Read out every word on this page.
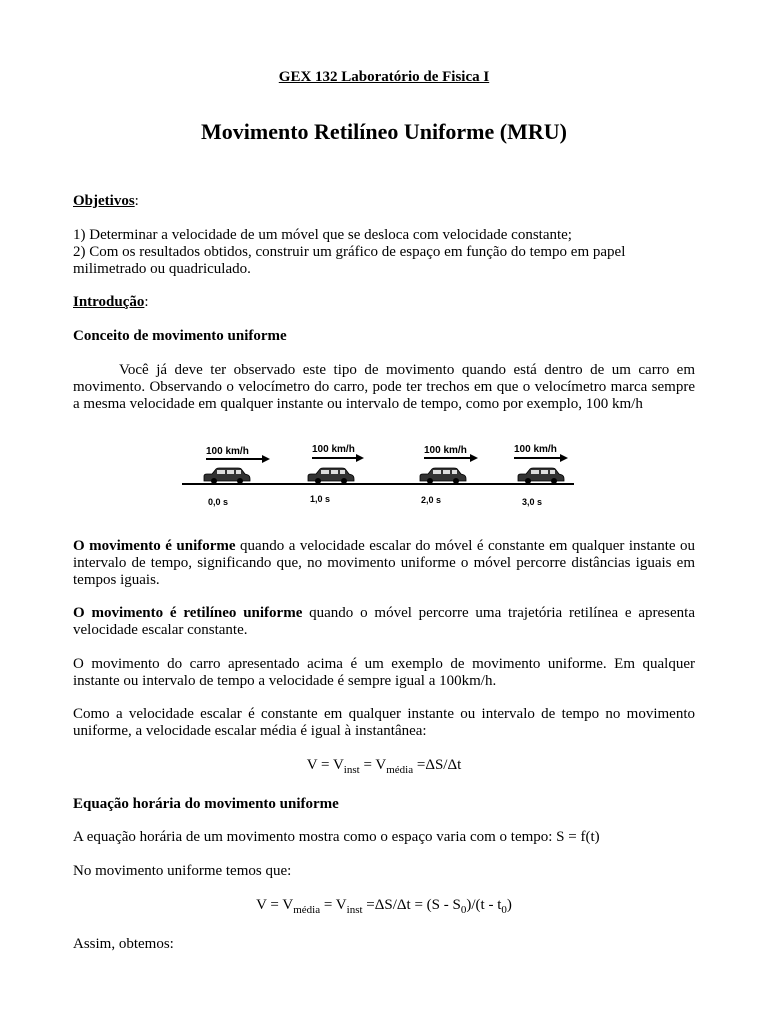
GEX 132 Laboratório de Fisica I
Movimento Retilíneo Uniforme (MRU)
Objetivos:
1) Determinar a velocidade de um móvel que se desloca com velocidade constante;
2) Com os resultados obtidos, construir um gráfico de espaço em função do tempo em papel milimetrado ou quadriculado.
Introdução:
Conceito de movimento uniforme
Você já deve ter observado este tipo de movimento quando está dentro de um carro em movimento. Observando o velocímetro do carro, pode ter trechos em que o velocímetro marca sempre a mesma velocidade em qualquer instante ou intervalo de tempo, como por exemplo, 100 km/h
100 km/h	100 km/h	100 km/h	100 km/h
0,0 s	1,0 s	2,0 s	3,0 s
O movimento é uniforme quando a velocidade escalar do móvel é constante em qualquer instante ou intervalo de tempo, significando que, no movimento uniforme o móvel percorre distâncias iguais em tempos iguais.
O movimento é retilíneo uniforme quando o móvel percorre uma trajetória retilínea e apresenta velocidade escalar constante.
O movimento do carro apresentado acima é um exemplo de movimento uniforme. Em qualquer instante ou intervalo de tempo a velocidade é sempre igual a 100km/h.
Como a velocidade escalar é constante em qualquer instante ou intervalo de tempo no movimento uniforme, a velocidade escalar média é igual à instantânea:
$V = V_{inst} = V_{média} =\Delta S/\Delta t$
Equação horária do movimento uniforme
A equação horária de um movimento mostra como o espaço varia com o tempo: S = f(t)
No movimento uniforme temos que:
$V = V_{média} = V_{inst} =\Delta S/\Delta t = (S - S_0)/(t - t_0)$
Assim, obtemos:
